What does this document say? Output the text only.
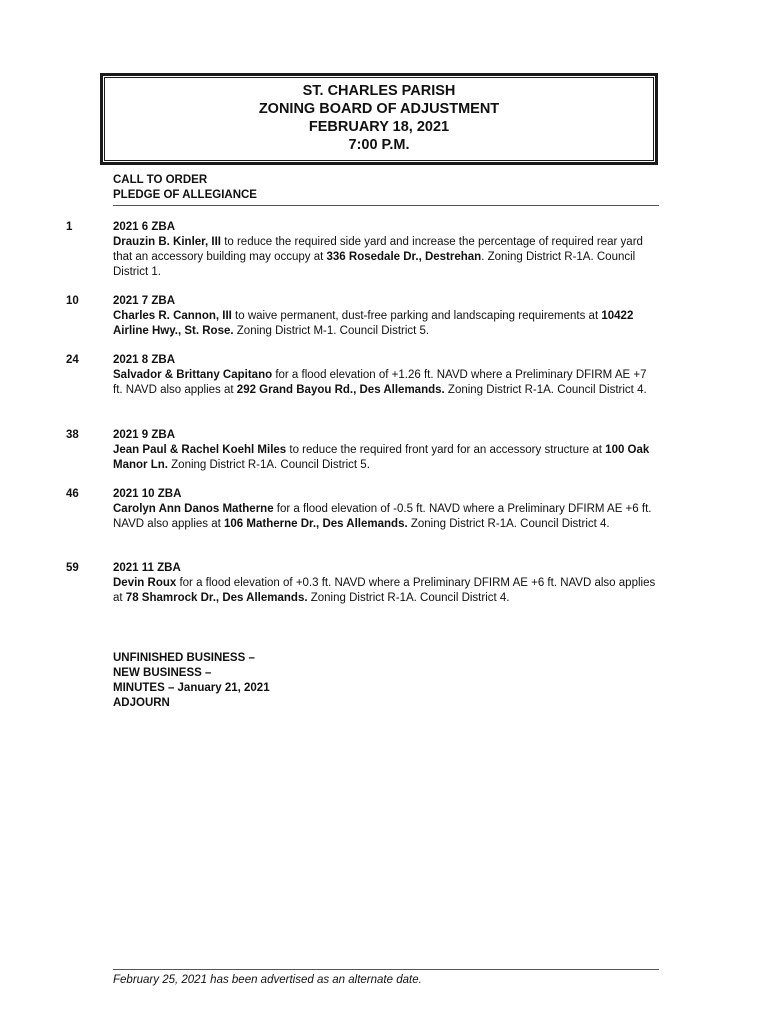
ST. CHARLES PARISH
ZONING BOARD OF ADJUSTMENT
FEBRUARY 18, 2021
7:00 P.M.
CALL TO ORDER
PLEDGE OF ALLEGIANCE
1	2021 6 ZBA
Drauzin B. Kinler, III to reduce the required side yard and increase the percentage of required rear yard that an accessory building may occupy at 336 Rosedale Dr., Destrehan. Zoning District R-1A. Council District 1.
10	2021 7 ZBA
Charles R. Cannon, III to waive permanent, dust-free parking and landscaping requirements at 10422 Airline Hwy., St. Rose. Zoning District M-1. Council District 5.
24	2021 8 ZBA
Salvador & Brittany Capitano for a flood elevation of +1.26 ft. NAVD where a Preliminary DFIRM AE +7 ft. NAVD also applies at 292 Grand Bayou Rd., Des Allemands. Zoning District R-1A. Council District 4.
38	2021 9 ZBA
Jean Paul & Rachel Koehl Miles to reduce the required front yard for an accessory structure at 100 Oak Manor Ln. Zoning District R-1A. Council District 5.
46	2021 10 ZBA
Carolyn Ann Danos Matherne for a flood elevation of -0.5 ft. NAVD where a Preliminary DFIRM AE +6 ft. NAVD also applies at 106 Matherne Dr., Des Allemands. Zoning District R-1A. Council District 4.
59	2021 11 ZBA
Devin Roux for a flood elevation of +0.3 ft. NAVD where a Preliminary DFIRM AE +6 ft. NAVD also applies at 78 Shamrock Dr., Des Allemands. Zoning District R-1A. Council District 4.
UNFINISHED BUSINESS –
NEW BUSINESS –
MINUTES – January 21, 2021
ADJOURN
February 25, 2021 has been advertised as an alternate date.
